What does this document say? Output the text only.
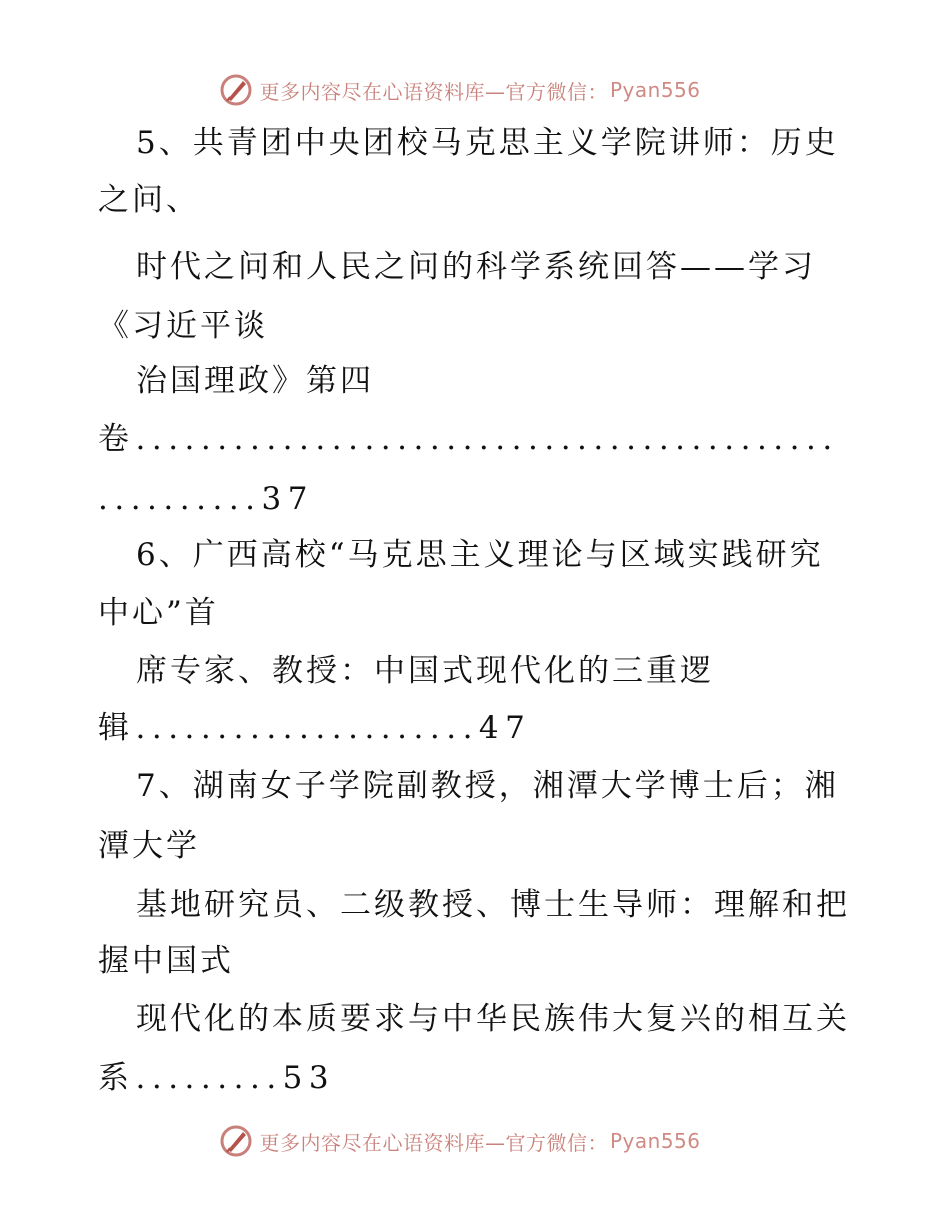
更多内容尽在心语资料库— 官方微信： Pyan556
5、共青团中央团校马克思主义学院讲师：历史
之问、
时代之问和人民之问的科学系统回答——学习
《习近平谈
治国理政》第四
卷...........................................
..........37
6、广西高校“马克思主义理论与区域实践研究
中心”首
席专家、教授：中国式现代化的三重逻
辑.....................47
7、湖南女子学院副教授，湘潭大学博士后；湘
潭大学
基地研究员、二级教授、博士生导师：理解和把
握中国式
现代化的本质要求与中华民族伟大复兴的相互关
系.........53
更多内容尽在心语资料库— 官方微信： Pyan556
